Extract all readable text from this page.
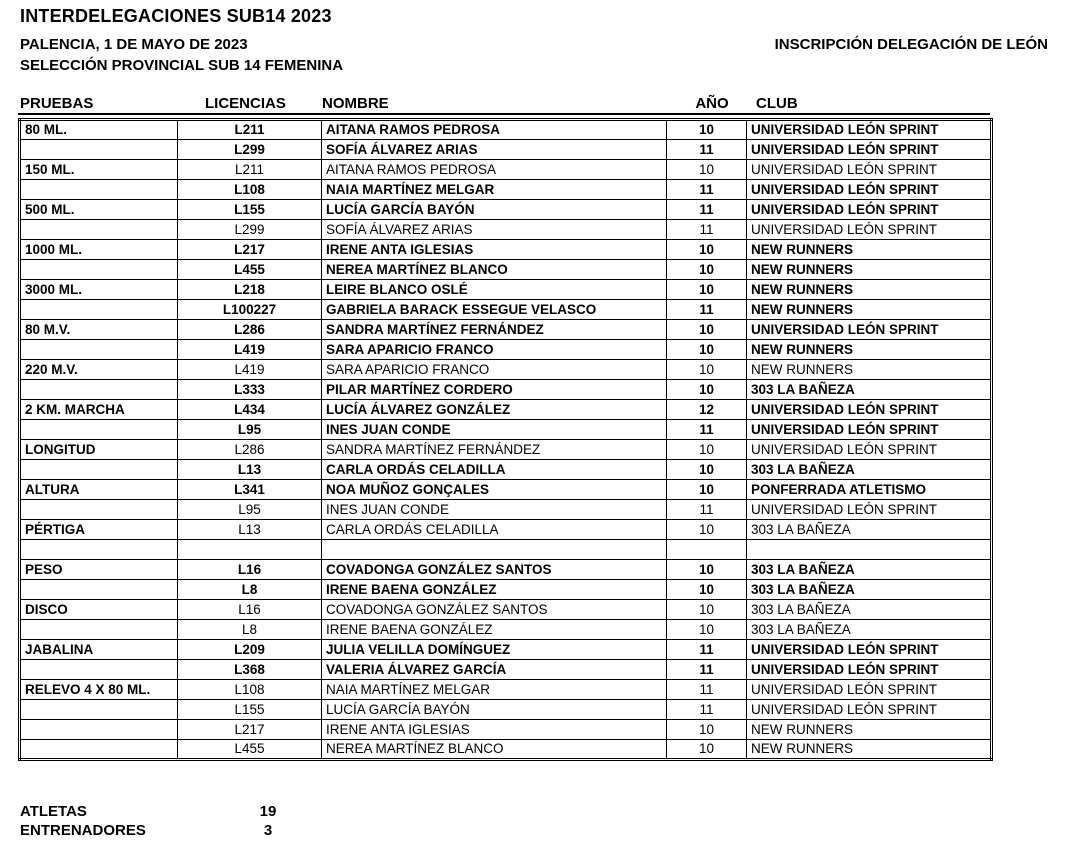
INTERDELEGACIONES SUB14 2023
PALENCIA, 1 DE MAYO DE 2023	INSCRIPCIÓN DELEGACIÓN DE LEÓN
SELECCIÓN PROVINCIAL SUB 14 FEMENINA
PRUEBAS	LICENCIAS NOMBRE	AÑO	CLUB
80 ML.	L211	AITANA RAMOS PEDROSA	10	UNIVERSIDAD LEÓN SPRINT
	L299	SOFÍA ÁLVAREZ ARIAS	11	UNIVERSIDAD LEÓN SPRINT
150 ML.	L211	AITANA RAMOS PEDROSA	10	UNIVERSIDAD LEÓN SPRINT
	L108	NAIA MARTÍNEZ MELGAR	11	UNIVERSIDAD LEÓN SPRINT
500 ML.	L155	LUCÍA GARCÍA BAYÓN	11	UNIVERSIDAD LEÓN SPRINT
	L299	SOFÍA ÁLVAREZ ARIAS	11	UNIVERSIDAD LEÓN SPRINT
1000 ML.	L217	IRENE ANTA IGLESIAS	10	NEW RUNNERS
	L455	NEREA MARTÍNEZ BLANCO	10	NEW RUNNERS
3000 ML.	L218	LEIRE BLANCO OSLÉ	10	NEW RUNNERS
	L100227	GABRIELA BARACK ESSEGUE VELASCO	11	NEW RUNNERS
80 M.V.	L286	SANDRA MARTÍNEZ FERNÁNDEZ	10	UNIVERSIDAD LEÓN SPRINT
	L419	SARA APARICIO FRANCO	10	NEW RUNNERS
220 M.V.	L419	SARA APARICIO FRANCO	10	NEW RUNNERS
	L333	PILAR MARTÍNEZ CORDERO	10	303 LA BAÑEZA
2 KM. MARCHA	L434	LUCÍA ÁLVAREZ GONZÁLEZ	12	UNIVERSIDAD LEÓN SPRINT
	L95	INES JUAN CONDE	11	UNIVERSIDAD LEÓN SPRINT
LONGITUD	L286	SANDRA MARTÍNEZ FERNÁNDEZ	10	UNIVERSIDAD LEÓN SPRINT
	L13	CARLA ORDÁS CELADILLA	10	303 LA BAÑEZA
ALTURA	L341	NOA MUÑOZ GONÇALES	10	PONFERRADA ATLETISMO
	L95	INES JUAN CONDE	11	UNIVERSIDAD LEÓN SPRINT
PÉRTIGA	L13	CARLA ORDÁS CELADILLA	10	303 LA BAÑEZA

PESO	L16	COVADONGA GONZÁLEZ SANTOS	10	303 LA BAÑEZA
	L8	IRENE BAENA GONZÁLEZ	10	303 LA BAÑEZA
DISCO	L16	COVADONGA GONZÁLEZ SANTOS	10	303 LA BAÑEZA
	L8	IRENE BAENA GONZÁLEZ	10	303 LA BAÑEZA
JABALINA	L209	JULIA VELILLA DOMÍNGUEZ	11	UNIVERSIDAD LEÓN SPRINT
	L368	VALERIA ÁLVAREZ GARCÍA	11	UNIVERSIDAD LEÓN SPRINT
RELEVO 4 X 80 ML.	L108	NAIA MARTÍNEZ MELGAR	11	UNIVERSIDAD LEÓN SPRINT
	L155	LUCÍA GARCÍA BAYÓN	11	UNIVERSIDAD LEÓN SPRINT
	L217	IRENE ANTA IGLESIAS	10	NEW RUNNERS
	L455	NEREA MARTÍNEZ BLANCO	10	NEW RUNNERS
ATLETAS	19
ENTRENADORES	3
